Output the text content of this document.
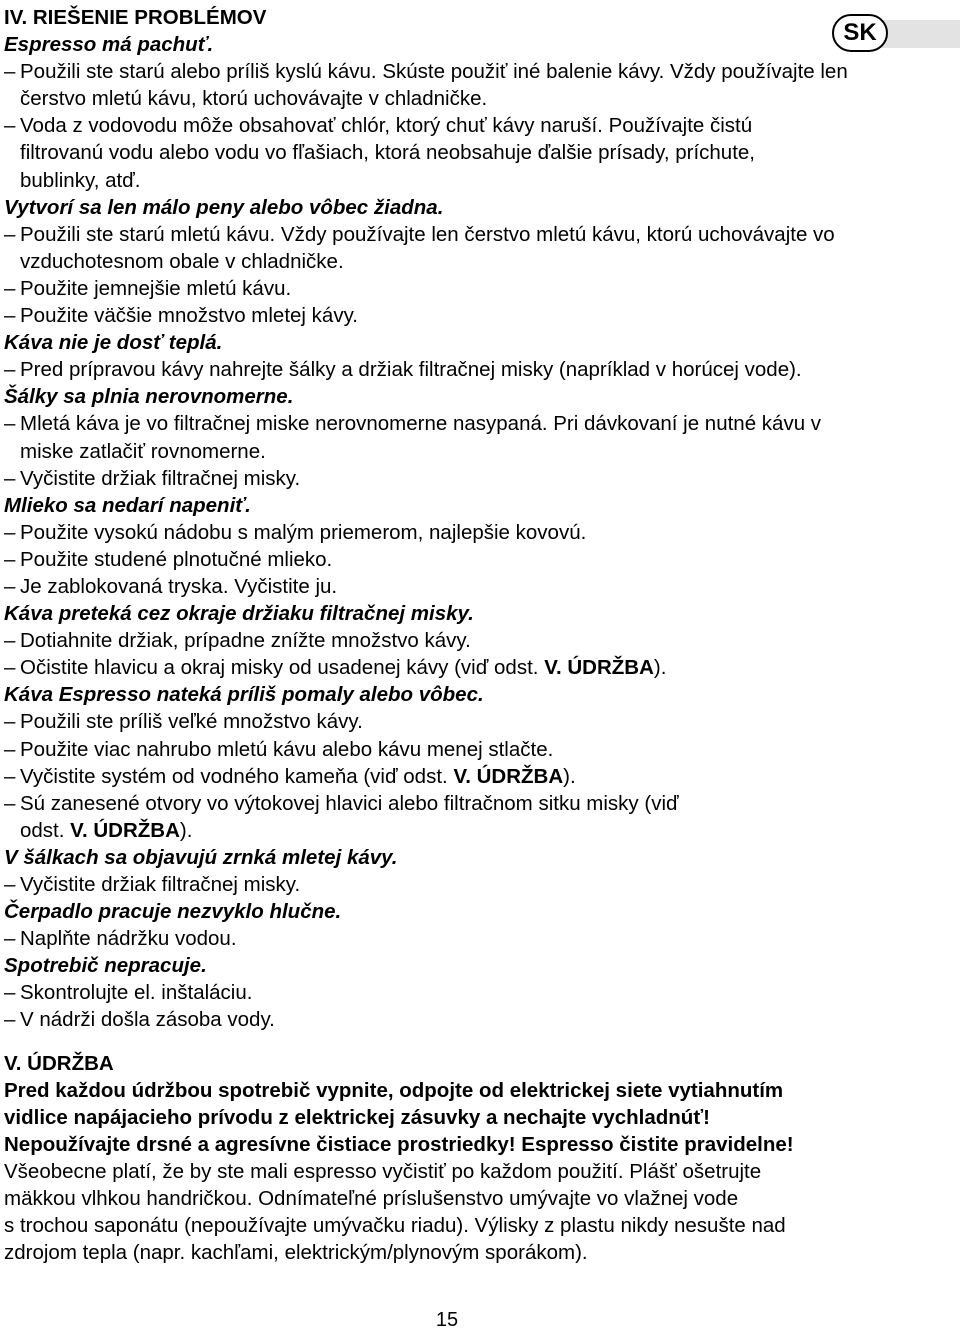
SK
IV. RIEŠENIE PROBLÉMOV
Espresso má pachuť.
– Použili ste starú alebo príliš kyslú kávu. Skúste použiť iné balenie kávy. Vždy používajte len čerstvo mletú kávu, ktorú uchovávajte v chladničke.
– Voda z vodovodu môže obsahovať chlór, ktorý chuť kávy naruší. Používajte čistú filtrovanú vodu alebo vodu vo fľašiach, ktorá neobsahuje ďalšie prísady, príchute, bublinky, atď.
Vytvorí sa len málo peny alebo vôbec žiadna.
– Použili ste starú mletú kávu. Vždy používajte len čerstvo mletú kávu, ktorú uchovávajte vo vzduchotesnom obale v chladničke.
– Použite jemnejšie mletú kávu.
– Použite väčšie množstvo mletej kávy.
Káva nie je dosť teplá.
– Pred prípravou kávy nahrejte šálky a držiak filtračnej misky (napríklad v horúcej vode).
Šálky sa plnia nerovnomerne.
– Mletá káva je vo filtračnej miske nerovnomerne nasypaná. Pri dávkovaní je nutné kávu v miske zatlačiť rovnomerne.
– Vyčistite držiak filtračnej misky.
Mlieko sa nedarí napeniť.
– Použite vysokú nádobu s malým priemerom, najlepšie kovovú.
– Použite studené plnotučné mlieko.
– Je zablokovaná tryska. Vyčistite ju.
Káva preteká cez okraje držiaku filtračnej misky.
– Dotiahnite držiak, prípadne znížte množstvo kávy.
– Očistite hlavicu a okraj misky od usadenej kávy (viď odst. V. ÚDRŽBA).
Káva Espresso nateká príliš pomaly alebo vôbec.
– Použili ste príliš veľké množstvo kávy.
– Použite viac nahrubo mletú kávu alebo kávu menej stlačte.
– Vyčistite systém od vodného kameňa (viď odst. V. ÚDRŽBA).
– Sú zanesené otvory vo výtokovej hlavici alebo filtračnom sitku misky (viď odst. V. ÚDRŽBA).
V šálkach sa objavujú zrnká mletej kávy.
– Vyčistite držiak filtračnej misky.
Čerpadlo pracuje nezvyklo hlučne.
– Naplňte nádržku vodou.
Spotrebič nepracuje.
– Skontrolujte el. inštaláciu.
– V nádrži došla zásoba vody.
V. ÚDRŽBA
Pred každou údržbou spotrebič vypnite, odpojte od elektrickej siete vytiahnutím
vidlice napájacieho prívodu z elektrickej zásuvky a nechajte vychladnúť!
Nepoužívajte drsné a agresívne čistiace prostriedky! Espresso čistite pravidelne!
Všeobecne platí, že by ste mali espresso vyčistiť po každom použití. Plášť ošetrujte
mäkkou vlhkou handričkou. Odnímateľné príslušenstvo umývajte vo vlažnej vode
s trochou saponátu (nepoužívajte umývačku riadu). Výlisky z plastu nikdy nesušte nad
zdrojom tepla (napr. kachľami, elektrickým/plynovým sporákom).
15
